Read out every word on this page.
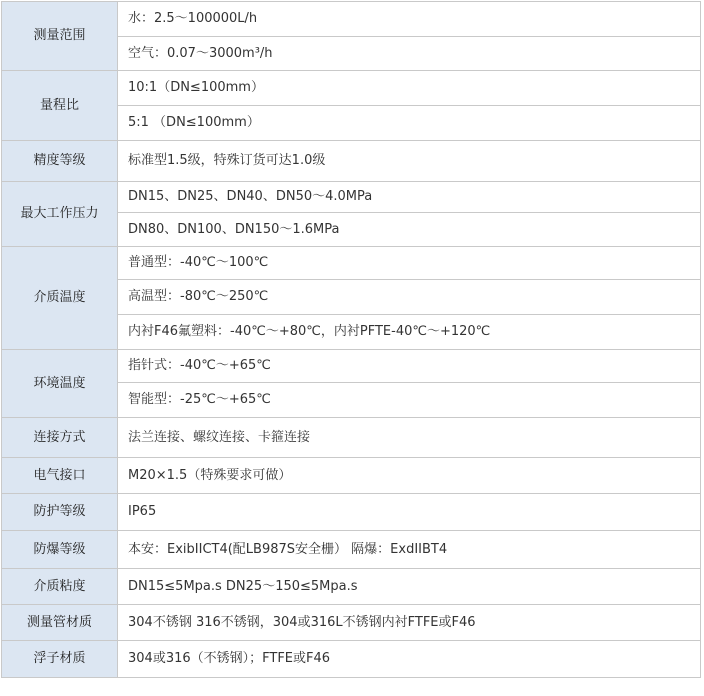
测量范围	水：2.5～100000L/h
	空气：0.07～3000m³/h
量程比	10:1（DN≤100mm）
	5:1 （DN≤100mm）
精度等级	标准型1.5级，特殊订货可达1.0级
最大工作压力	DN15、DN25、DN40、DN50～4.0MPa
	DN80、DN100、DN150～1.6MPa
介质温度	普通型：-40℃～100℃
	高温型：-80℃～250℃
	内衬F46氟塑料：-40℃～+80℃，内衬PFTE-40℃～+120℃
环境温度	指针式：-40℃～+65℃
	智能型：-25℃～+65℃
连接方式	法兰连接、螺纹连接、卡箍连接
电气接口	M20×1.5（特殊要求可做）
防护等级	IP65
防爆等级	本安：ExibIICT4(配LB987S安全栅） 隔爆：ExdIIBT4
介质粘度	DN15≤5Mpa.s DN25～150≤5Mpa.s
测量管材质	304不锈钢 316不锈钢，304或316L不锈钢内衬FTFE或F46
浮子材质	304或316（不锈钢）；FTFE或F46
